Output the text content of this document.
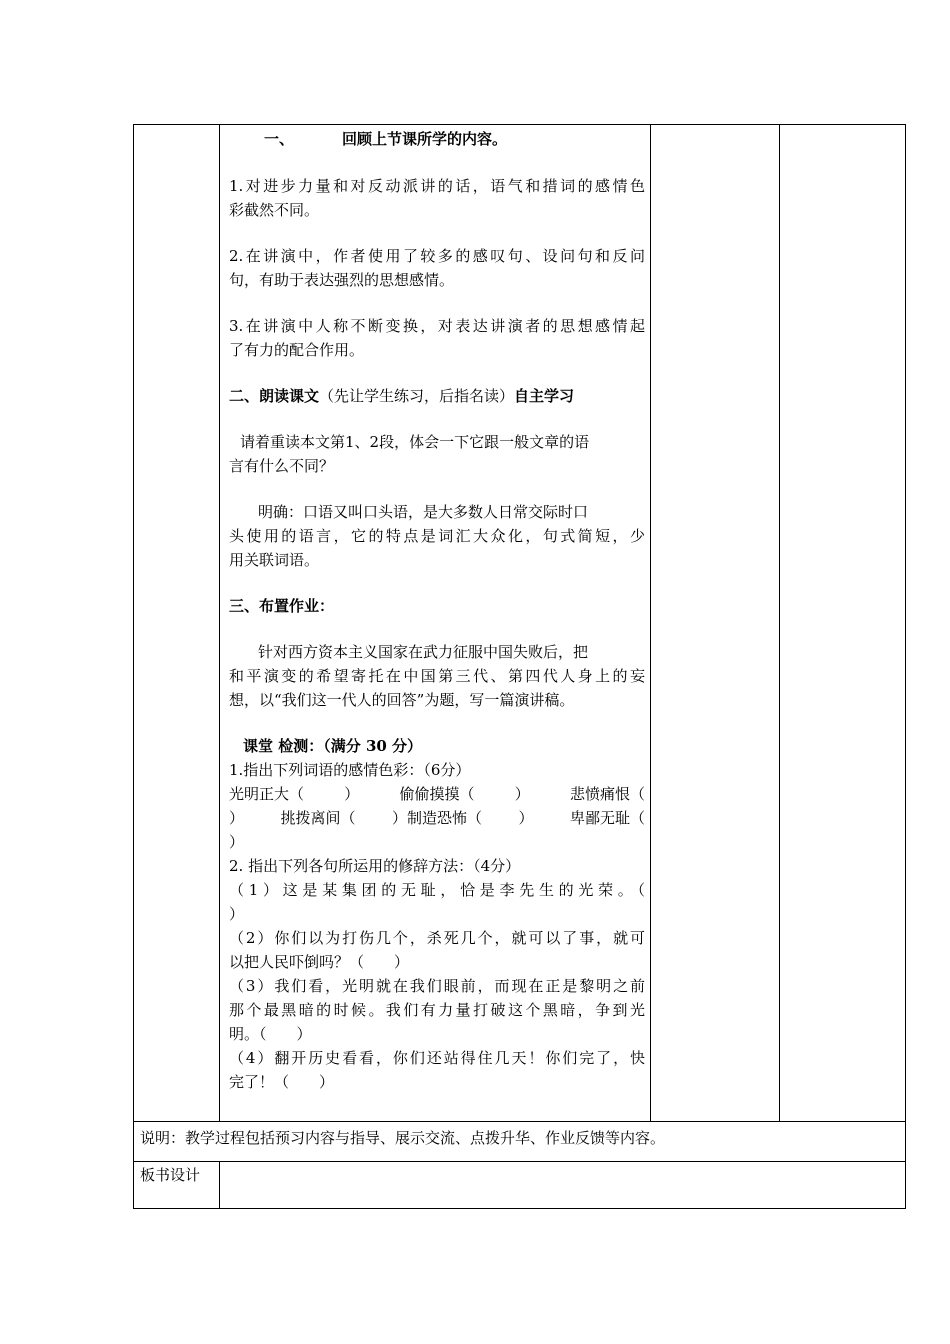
一、	回顾上节课所学的内容。
1.对进步力量和对反动派讲的话，语气和措词的感情色
彩截然不同。
2.在讲演中，作者使用了较多的感叹句、设问句和反问
句，有助于表达强烈的思想感情。
3.在讲演中人称不断变换，对表达讲演者的思想感情起
了有力的配合作用。
二、朗读课文（先让学生练习，后指名读）自主学习
请着重读本文第1、2段，体会一下它跟一般文章的语
言有什么不同？
明确：口语又叫口头语，是大多数人日常交际时口
头使用的语言，它的特点是词汇大众化，句式简短，少
用关联词语。
三、布置作业：
针对西方资本主义国家在武力征服中国失败后，把
和平演变的希望寄托在中国第三代、第四代人身上的妄
想，以“我们这一代人的回答”为题，写一篇演讲稿。
课堂 检测：（满分 30 分）
1.指出下列词语的感情色彩：（6分）
光明正大（	）	偷偷摸摸（	）	悲愤痛恨（
） 挑拨离间（ ）制造恐怖（ ） 卑鄙无耻（
）
2. 指出下列各句所运用的修辞方法：（4分）
（1）这是某集团的无耻，恰是李先生的光荣。（
）
（2）你们以为打伤几个，杀死几个，就可以了事，就可
以把人民吓倒吗？（　　）
（3）我们看，光明就在我们眼前，而现在正是黎明之前
那个最黑暗的时候。我们有力量打破这个黑暗，争到光
明。（　　）
（4）翻开历史看看，你们还站得住几天！你们完了，快
完了！（　　）
说明：教学过程包括预习内容与指导、展示交流、点拨升华、作业反馈等内容。
板书设计
